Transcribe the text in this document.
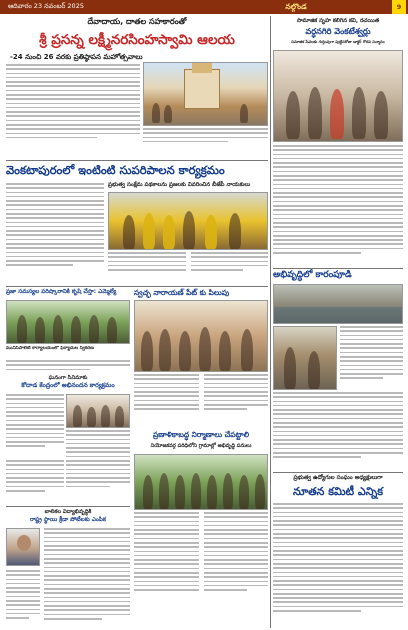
ఆదివారం 23 నవంబర్ 2025	నల్గొండ	9
దేవాదాయ, దాతల సహకారంతో
శ్రీ ప్రసన్న లక్ష్మీనరసింహస్వామి ఆలయ
-24 నుంచి 26 వరకు ప్రతిష్ఠాపన మహోత్సవాలు
వెంకటాపురంలో ఇంటింటి సుపరిపాలన కార్యక్రమం
ప్రభుత్వ సంక్షేమ పథకాలను ప్రజలకు వివరించిన బీజేపీ నాయకులు
ప్రజా సమస్యల పరిష్కారానికి కృషి చేస్తా: ఎమ్మెల్యే
మునిసిపాలిటీ కార్యాలయంలో ఫిర్యాదుల స్వీకరణ
స్వచ్ఛ నారాయణ్ పేట్ కు పిలుపు
ఘనంగా సినిమాకు
కోదాడ కేంద్రంలో అభినందన కార్యక్రమం
ప్రణాళికాబద్ధ నిర్మాణాలు చేపట్టాలి
నియోజకవర్గ పరిధిలోని గ్రామాల్లో అభివృద్ధి పనులు
బాలికల విద్యాభివృద్ధికి
రాష్ట్ర స్థాయి క్రీడా పోటీలకు ఎంపిక
సామాజిక సృహ కలిగిన కవి, రచయిత
వర్ధనగిరి వెంకటేశ్వర్లు
సమాజిక సేవలకు గుర్తింపుగా పుట్టినరోజు డాక్టర్ గౌరవ సన్మానం
అభివృద్ధిలో కారంపూడి
ప్రభుత్వ ఉద్యోగుల సంఘం అధ్యక్షులుగా
నూతన కమిటీ ఎన్నిక
